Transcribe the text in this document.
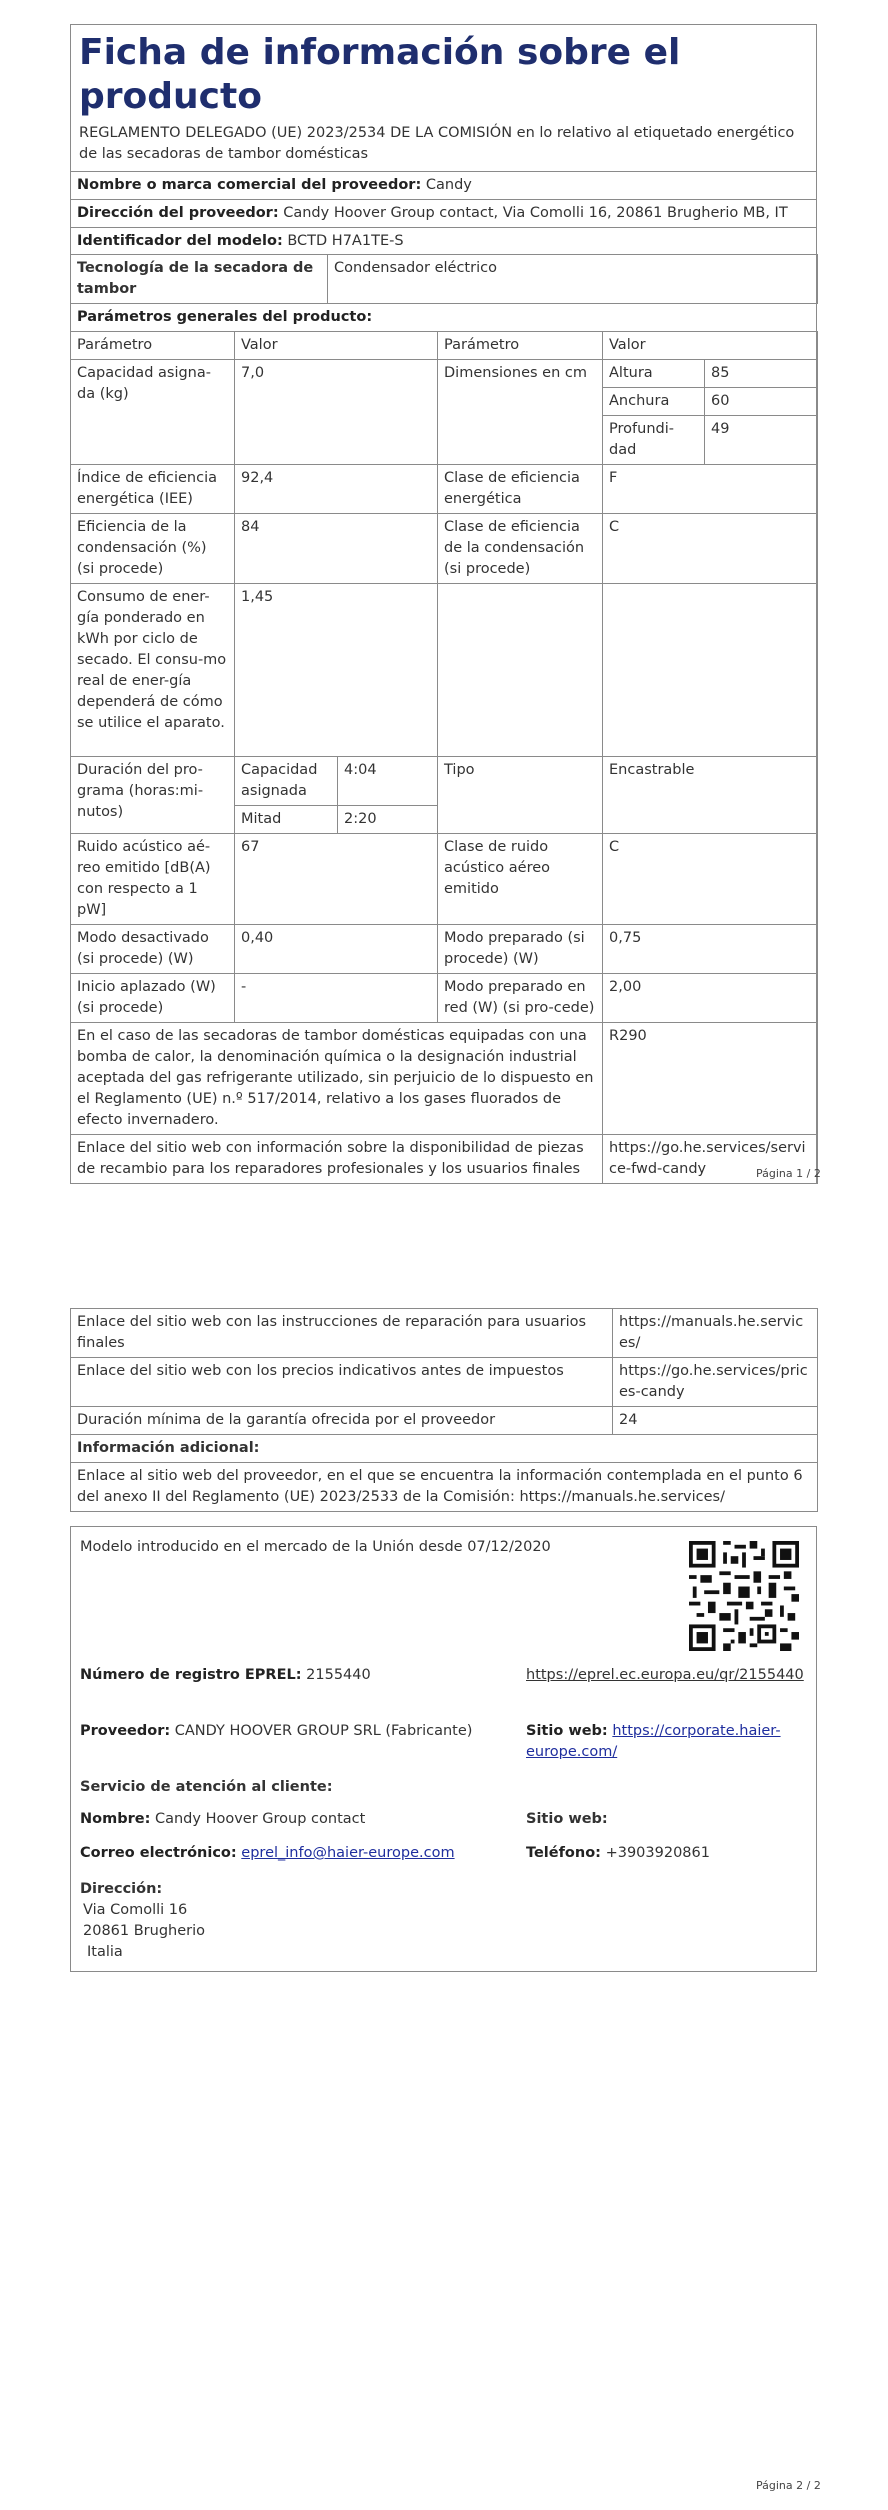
Ficha de información sobre el producto
REGLAMENTO DELEGADO (UE) 2023/2534 DE LA COMISIÓN en lo relativo al etiquetado energético de las secadoras de tambor domésticas
Nombre o marca comercial del proveedor: Candy
Dirección del proveedor: Candy Hoover Group contact, Via Comolli 16, 20861 Brugherio MB, IT
Identificador del modelo: BCTD H7A1TE-S
Tecnología de la secadora de tambor	Condensador eléctrico
Parámetros generales del producto:
Parámetro	Valor		Parámetro	Valor	
Capacidad asigna-da (kg)	7,0		Dimensiones en cm	Altura	85
				Anchura	60
				Profundi-dad	49
Índice de eficiencia energética (IEE)	92,4		Clase de eficiencia energética	F	
Eficiencia de la condensación (%) (si procede)	84		Clase de eficiencia de la condensación (si procede)	C	
Consumo de ener-gía ponderado en kWh por ciclo de secado. El consu-mo real de ener-gía dependerá de cómo se utilice el aparato.	1,45				
Duración del pro-grama (horas:mi-nutos)	Capacidad asignada	4:04	Tipo	Encastrable	
	Mitad	2:20			
Ruido acústico aé-reo emitido [dB(A) con respecto a 1 pW]	67		Clase de ruido acústico aéreo emitido	C	
Modo desactivado (si procede) (W)	0,40		Modo preparado (si procede) (W)	0,75	
Inicio aplazado (W) (si procede)	-		Modo preparado en red (W) (si pro-cede)	2,00	
En el caso de las secadoras de tambor domésticas equipadas con una bomba de calor, la denominación química o la designación industrial aceptada del gas refrigerante utilizado, sin perjuicio de lo dispuesto en el Reglamento (UE) n.º 517/2014, relativo a los gases fluorados de efecto invernadero.				R290	
Enlace del sitio web con información sobre la disponibilidad de piezas de recambio para los reparadores profesionales y los usuarios finales				https://go.he.services/service-fwd-candy		Página 1 / 2
Enlace del sitio web con las instrucciones de reparación para usuarios finales	https://manuals.he.services/
Enlace del sitio web con los precios indicativos antes de impuestos	https://go.he.services/prices-candy
Duración mínima de la garantía ofrecida por el proveedor	24
Información adicional:	
Enlace al sitio web del proveedor, en el que se encuentra la información contemplada en el punto 6 del anexo II del Reglamento (UE) 2023/2533 de la Comisión: https://manuals.he.services/	
Modelo introducido en el mercado de la Unión desde 07/12/2020
Número de registro EPREL: 2155440	https://eprel.ec.europa.eu/qr/2155440
Proveedor: CANDY HOOVER GROUP SRL (Fabricante)	Sitio web: https://corporate.haier-europe.com/
Servicio de atención al cliente:
Nombre: Candy Hoover Group contact	Sitio web:
Correo electrónico: eprel_info@haier-europe.com	Teléfono: +3903920861
Dirección:
Via Comolli 16
20861 Brugherio
Italia
Página 2 / 2
